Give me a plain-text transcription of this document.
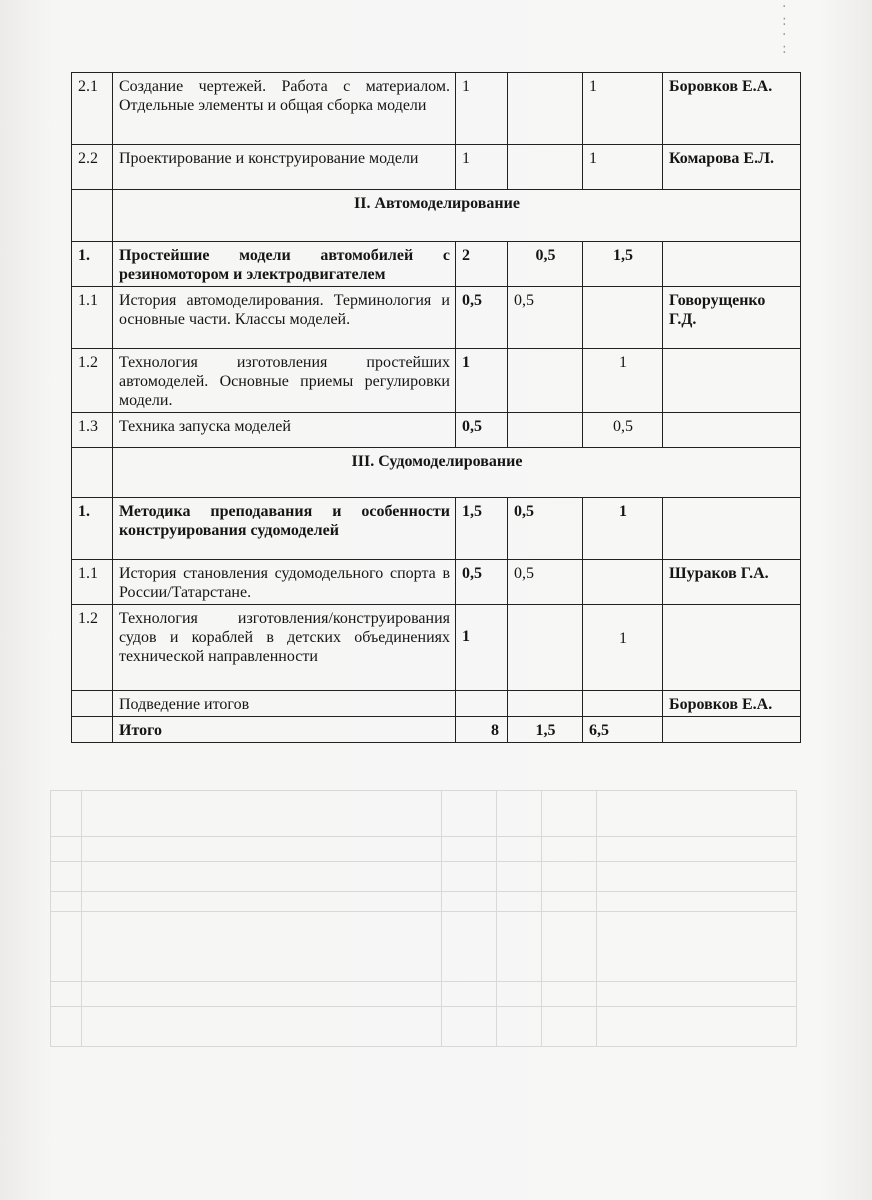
·
:
·
:
2.1	Создание чертежей. Работа с материалом. Отдельные элементы и общая сборка модели	1		1	Боровков Е.А.
2.2	Проектирование и конструирование модели	1		1	Комарова Е.Л.
	II. Автомоделирование				
1.	Простейшие модели автомобилей с резиномотором и электродвигателем	2	0,5	1,5	
1.1	История автомоделирования. Терминология и основные части. Классы моделей.	0,5	0,5		Говорущенко Г.Д.
1.2	Технология изготовления простейших автомоделей. Основные приемы регулировки модели.	1		1	
1.3	Техника запуска моделей	0,5		0,5	
	III. Судомоделирование				
1.	Методика преподавания и особенности конструирования судомоделей	1,5	0,5	1	
1.1	История становления судомодельного спорта в России/Татарстане.	0,5	0,5		Шураков Г.А.
1.2	Технология изготовления/конструирования судов и кораблей в детских объединениях технической направленности	1		1	
	Подведение итогов				Боровков Е.А.
	Итого	8	1,5	6,5	
